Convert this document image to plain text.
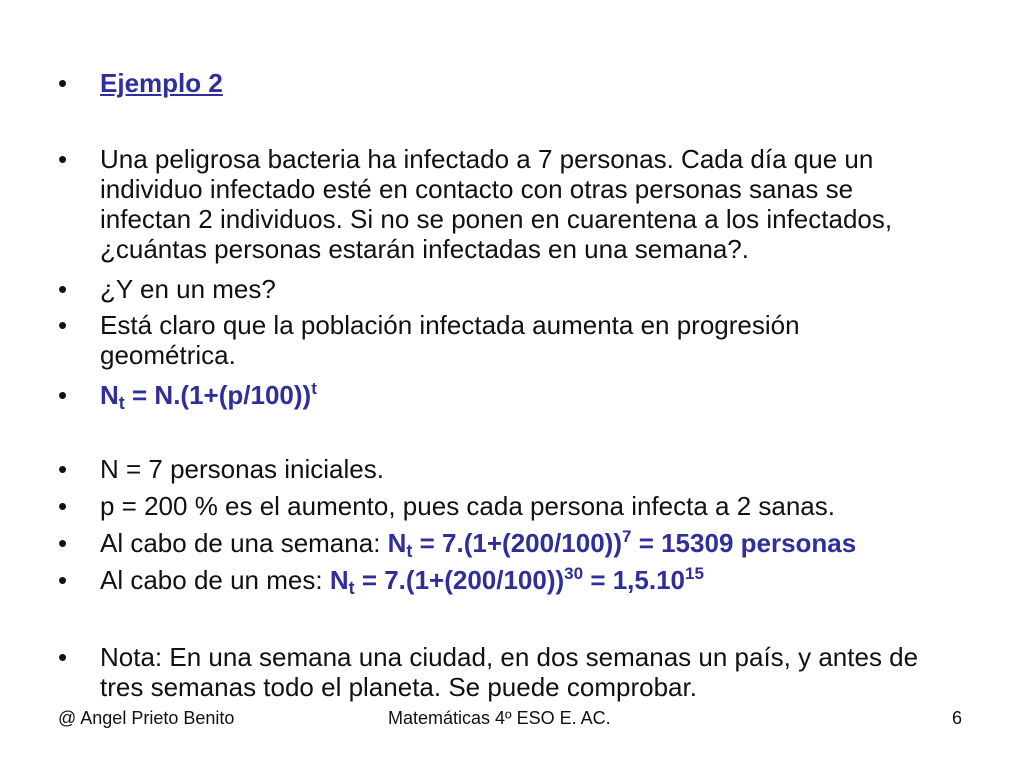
• Ejemplo 2
• Una peligrosa bacteria ha infectado a 7 personas. Cada día que un individuo infectado esté en contacto con otras personas sanas se infectan 2 individuos. Si no se ponen en cuarentena a los infectados, ¿cuántas personas estarán infectadas en una semana?.
• ¿Y en un mes?
• Está claro que la población infectada aumenta en progresión geométrica.
• $N_t = N.(1+(p/100))^t$
• N = 7 personas iniciales.
• p = 200 % es el aumento, pues cada persona infecta a 2 sanas.
• Al cabo de una semana: $N_t = 7.(1+(200/100))^7 = 15309$ personas
• Al cabo de un mes: $N_t = 7.(1+(200/100))^{30} = 1,5.10^{15}$
• Nota: En una semana una ciudad, en dos semanas un país, y antes de tres semanas todo el planeta. Se puede comprobar.
@ Angel Prieto Benito	Matemáticas 4º ESO E. AC.	6
